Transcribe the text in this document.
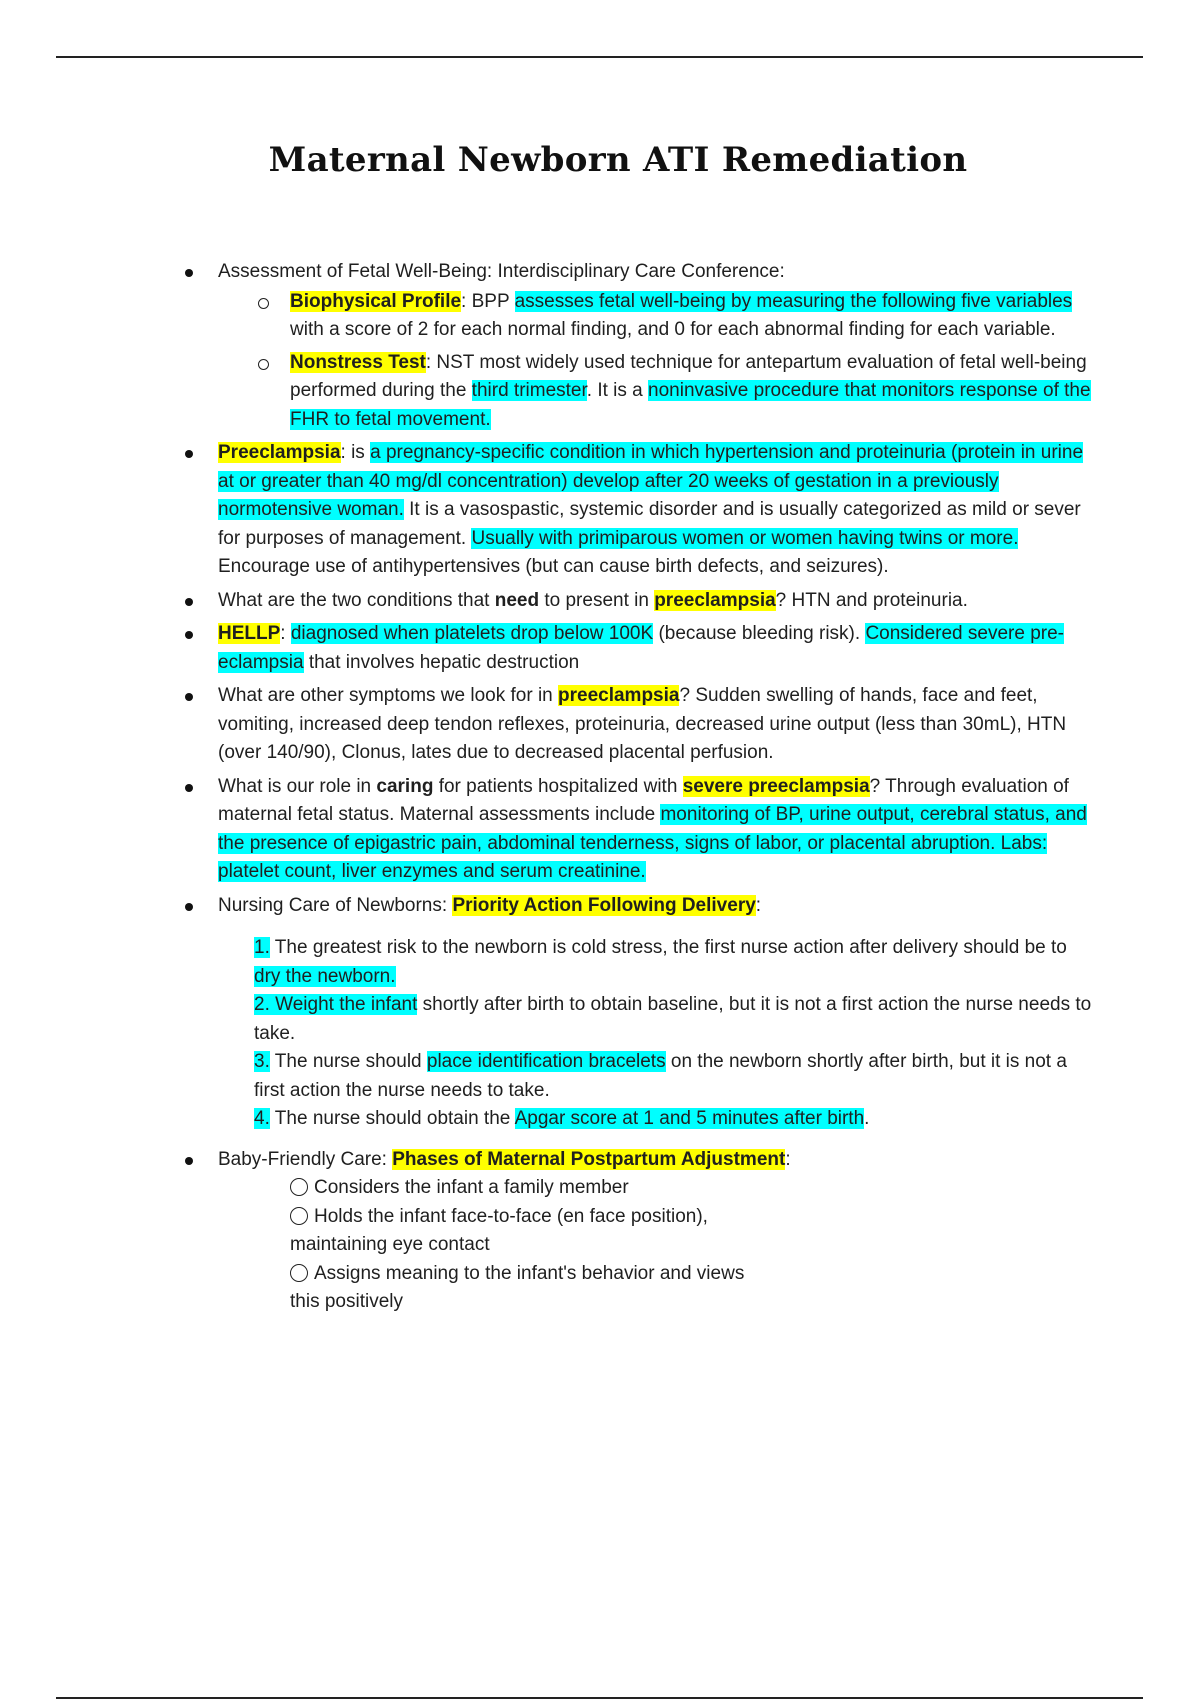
Maternal Newborn ATI Remediation
Assessment of Fetal Well-Being: Interdisciplinary Care Conference:
Biophysical Profile: BPP assesses fetal well-being by measuring the following five variables with a score of 2 for each normal finding, and 0 for each abnormal finding for each variable.
Nonstress Test: NST most widely used technique for antepartum evaluation of fetal well-being performed during the third trimester. It is a noninvasive procedure that monitors response of the FHR to fetal movement.
Preeclampsia: is a pregnancy-specific condition in which hypertension and proteinuria (protein in urine at or greater than 40 mg/dl concentration) develop after 20 weeks of gestation in a previously normotensive woman. It is a vasospastic, systemic disorder and is usually categorized as mild or sever for purposes of management. Usually with primiparous women or women having twins or more. Encourage use of antihypertensives (but can cause birth defects, and seizures).
What are the two conditions that need to present in preeclampsia? HTN and proteinuria.
HELLP: diagnosed when platelets drop below 100K (because bleeding risk). Considered severe pre-eclampsia that involves hepatic destruction
What are other symptoms we look for in preeclampsia? Sudden swelling of hands, face and feet, vomiting, increased deep tendon reflexes, proteinuria, decreased urine output (less than 30mL), HTN (over 140/90), Clonus, lates due to decreased placental perfusion.
What is our role in caring for patients hospitalized with severe preeclampsia? Through evaluation of maternal fetal status. Maternal assessments include monitoring of BP, urine output, cerebral status, and the presence of epigastric pain, abdominal tenderness, signs of labor, or placental abruption. Labs: platelet count, liver enzymes and serum creatinine.
Nursing Care of Newborns: Priority Action Following Delivery:

1. The greatest risk to the newborn is cold stress, the first nurse action after delivery should be to dry the newborn.

2. Weight the infant shortly after birth to obtain baseline, but it is not a first action the nurse needs to take.

3. The nurse should place identification bracelets on the newborn shortly after birth, but it is not a first action the nurse needs to take.

4. The nurse should obtain the Apgar score at 1 and 5 minutes after birth.

Baby-Friendly Care: Phases of Maternal Postpartum Adjustment:
Considers the infant a family member
Holds the infant face-to-face (en face position),
maintaining eye contact
Assigns meaning to the infant's behavior and views
this positively
